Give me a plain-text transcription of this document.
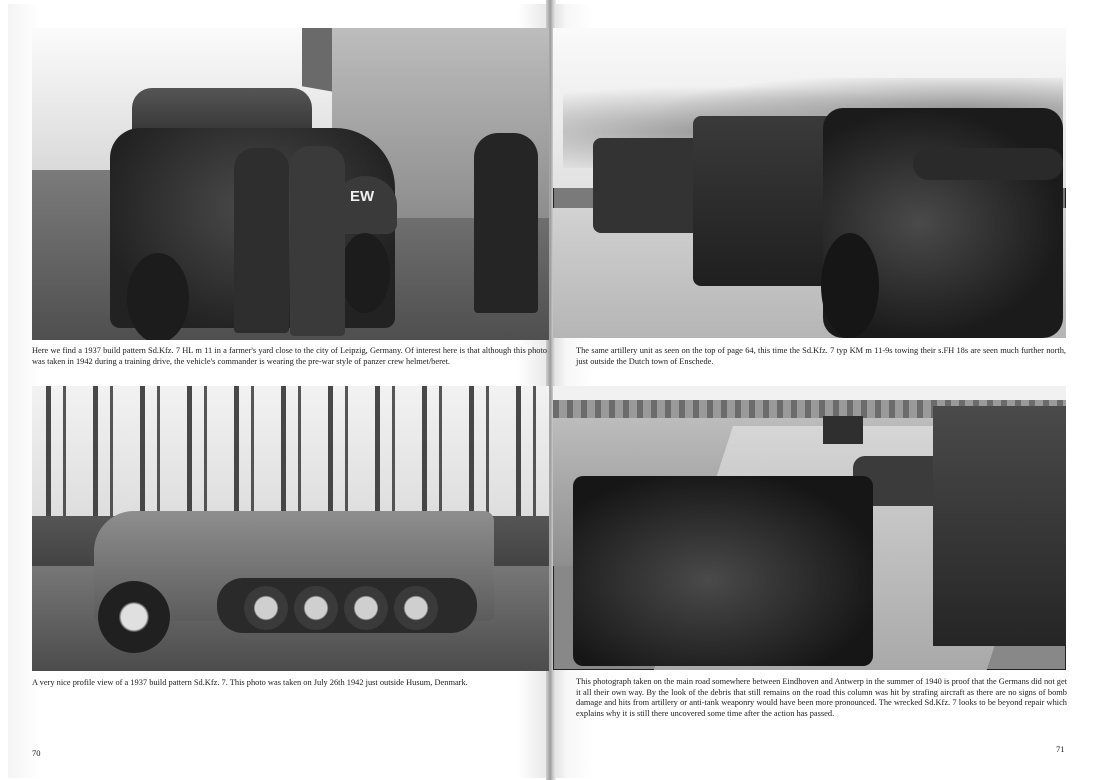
EW
Here we find a 1937 build pattern Sd.Kfz. 7 HL m 11 in a farmer's yard close to the city of Leipzig, Germany. Of interest here is that although this photo was taken in 1942 during a training drive, the vehicle's commander is wearing the pre-war style of panzer crew helmet/beret.
The same artillery unit as seen on the top of page 64, this time the Sd.Kfz. 7 typ KM m 11-9s towing their s.FH 18s are seen much further north, just outside the Dutch town of Enschede.
A very nice profile view of a 1937 build pattern Sd.Kfz. 7. This photo was taken on July 26th 1942 just outside Husum, Denmark.	This photograph taken on the main road somewhere between Eindhoven and Antwerp in the summer of 1940 is proof that the Germans did not get it all their own way. By the look of the debris that still remains on the road this column was hit by strafing aircraft as there are no signs of bomb damage and hits from artillery or anti-tank weaponry would have been more pronounced. The wrecked Sd.Kfz. 7 looks to be beyond repair which explains why it is still there uncovered some time after the action has passed.
70	71
